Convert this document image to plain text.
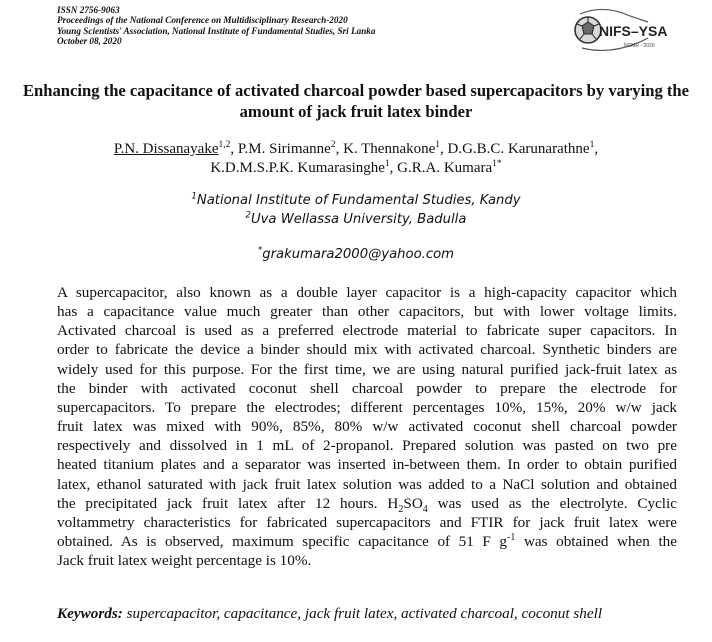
ISSN 2756-9063
Proceedings of the National Conference on Multidisciplinary Research-2020
Young Scientists' Association, National Institute of Fundamental Studies, Sri Lanka
October 08, 2020
NIFS–YSA
NCMR - 2020
Enhancing the capacitance of activated charcoal powder based supercapacitors by varying the amount of jack fruit latex binder
P.N. Dissanayake$^{1,2}$, P.M. Sirimanne$^2$, K. Thennakone$^1$, D.G.B.C. Karunarathne$^1$,
K.D.M.S.P.K. Kumarasinghe$^1$, G.R.A. Kumara$^{1*}$
$^1$National Institute of Fundamental Studies, Kandy
$^2$Uva Wellassa University, Badulla
*grakumara2000@yahoo.com
A supercapacitor, also known as a double layer capacitor is a high-capacity capacitor which
has a capacitance value much greater than other capacitors, but with lower voltage limits.
Activated charcoal is used as a preferred electrode material to fabricate super capacitors. In
order to fabricate the device a binder should mix with activated charcoal. Synthetic binders are
widely used for this purpose. For the first time, we are using natural purified jack-fruit latex as
the binder with activated coconut shell charcoal powder to prepare the electrode for
supercapacitors. To prepare the electrodes; different percentages 10%, 15%, 20% w/w jack
fruit latex was mixed with 90%, 85%, 80% w/w activated coconut shell charcoal powder
respectively and dissolved in 1 mL of 2-propanol. Prepared solution was pasted on two pre
heated titanium plates and a separator was inserted in-between them. In order to obtain purified
latex, ethanol saturated with jack fruit latex solution was added to a NaCl solution and obtained
the precipitated jack fruit latex after 12 hours. $H_2SO_4$ was used as the electrolyte. Cyclic
voltammetry characteristics for fabricated supercapacitors and FTIR for jack fruit latex were
obtained. As is observed, maximum specific capacitance of 51 F $g^{-1}$ was obtained when the
Jack fruit latex weight percentage is 10%.
Keywords: supercapacitor, capacitance, jack fruit latex, activated charcoal, coconut shell
